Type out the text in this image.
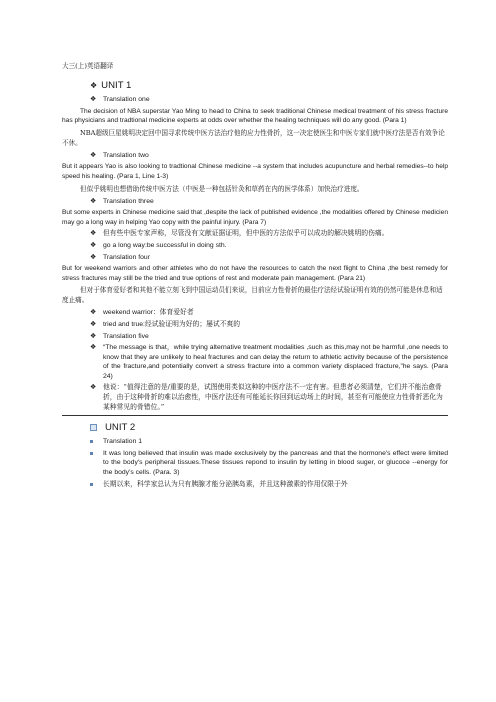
大三(上)英语翻译
❖ UNIT 1
❖ Translation one

The decision of NBA superstar Yao Ming to head to China to seek traditional Chinese medical treatment of his stress fracture has physicians and tradtional medicine experts at odds over whether the healing techniques will do any good. (Para 1)

NBA超级巨星姚明决定回中国寻求传统中医方法治疗他的应力性骨折，这一决定使医生和中医专家们就中医疗法是否有效争论不休。

❖ Translation two

But it appears Yao is also looking to tradtional Chinese medicine --a system that includes acupuncture and herbal remedies--to help speed his healing. (Para 1, Line 1-3)

但似乎姚明也想借助传统中医方法（中医是一种包括针灸和草药在内的医学体系）加快治疗进度。

❖ Translation three

But some experts in Chinese medicine said that ,despite the lack of published evidence ,the modalities offered by Chinese medicien may go a long way in helping Yao copy with the painful injury. (Para 7)

❖ 但有些中医专家声称，尽管没有文献证据证明，但中医的方法似乎可以成功的解决姚明的伤痛。
❖ go a long way:be successful in doing sth.
❖ Translation four

But for weekend warriors and other athletes who do not have the resources to catch the next flight to China ,the best remedy for stress fractures may still be the tried and true options of rest and moderate pain management. (Para 21)

但对于体育爱好者和其他不能立刻飞到中国运动员们来说，目前应力性骨折的最佳疗法经试验证明有效的仍然可能是休息和适度止痛。

❖ weekend warrior：体育爱好者
❖ tried and true:经试验证明为好的；屡试不爽的
❖ Translation five
❖ “The message is that，while trying alternative treatment modalities ,such as this,may not be harmful ,one needs to know that they are unlikely to heal fractures and can delay the return to athletic activity because of the persistence of the fracture,and potentially convert a stress fracture into a common variety displaced fracture,”he says. (Para 24)
❖ 他说：“值得注意的是/重要的是，试图使用类似这种的中医疗法不一定有害。但患者必须清楚，它们并不能治愈骨折，由于这种骨折的难以治愈性，中医疗法还有可能延长你回到运动场上的时间，甚至有可能使应力性骨折恶化为某种常见的骨错位。”
UNIT 2
Translation 1
It was long believed that insulin was made exclusively by the pancreas and that the hormone's effect were limited to the body's peripheral tissues.These tissues repond to insulin by letting in blood suger, or glucoce --energy for the body's cells. (Para. 3)
长期以来，科学家总认为只有胰腺才能分泌胰岛素，并且这种激素的作用仅限于外
